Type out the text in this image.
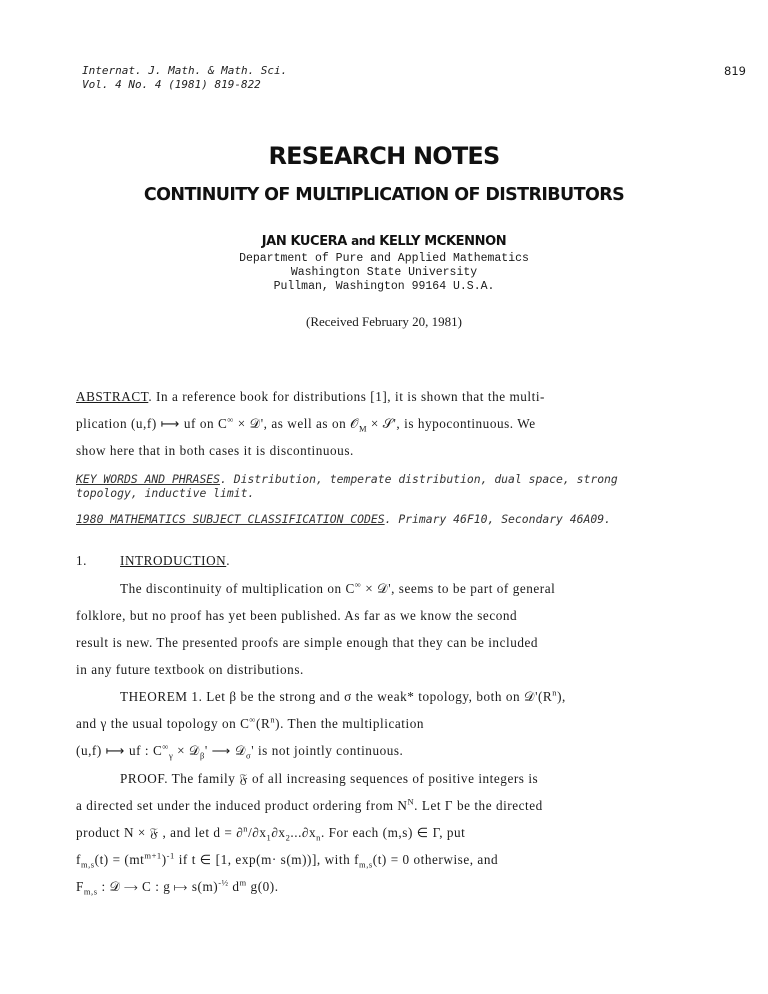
Internat. J. Math. & Math. Sci.
Vol. 4 No. 4 (1981) 819-822
819
RESEARCH NOTES
CONTINUITY OF MULTIPLICATION OF DISTRIBUTORS
JAN KUCERA and KELLY MCKENNON
Department of Pure and Applied Mathematics
Washington State University
Pullman, Washington 99164 U.S.A.
(Received February 20, 1981)
ABSTRACT. In a reference book for distributions [1], it is shown that the multi-
plication (u,f) ⟼ uf on C∞ × 𝒟', as well as on 𝒪$_M$ × 𝒮', is hypocontinuous. We
show here that in both cases it is discontinuous.
KEY WORDS AND PHRASES. Distribution, temperate distribution, dual space, strong
topology, inductive limit.
1980 MATHEMATICS SUBJECT CLASSIFICATION CODES. Primary 46F10, Secondary 46A09.
1.	INTRODUCTION.
The discontinuity of multiplication on C∞ × 𝒟', seems to be part of general
folklore, but no proof has yet been published. As far as we know the second
result is new. The presented proofs are simple enough that they can be included
in any future textbook on distributions.
THEOREM 1. Let β be the strong and σ the weak* topology, both on $𝒟'(R^n)$,
and γ the usual topology on $C^\infty(R^n)$. Then the multiplication
(u,f) ⟼ uf : $C^\infty_\gamma$ × 𝒟$_\beta$' ⟶ 𝒟$_\sigma$' is not jointly continuous.
PROOF. The family 𝔉 of all increasing sequences of positive integers is
a directed set under the induced product ordering from $N^N$. Let Γ be the directed
product N × 𝔉 , and let $d = \partial^n/\partial x_1\partial x_2...\partial x_n$. For each (m,s) ∈ Γ, put
$f_{m,s}(t) = (mt^{m+1})^{-1}$ if t ∈ [1, exp(m· s(m))], with $f_{m,s}(t) = 0$ otherwise, and
$F_{m,s}$ : 𝒟 ⟶ C : g ⟼ $s(m)^{-\frac{1}{2}}$ $d^m$ g(0).
